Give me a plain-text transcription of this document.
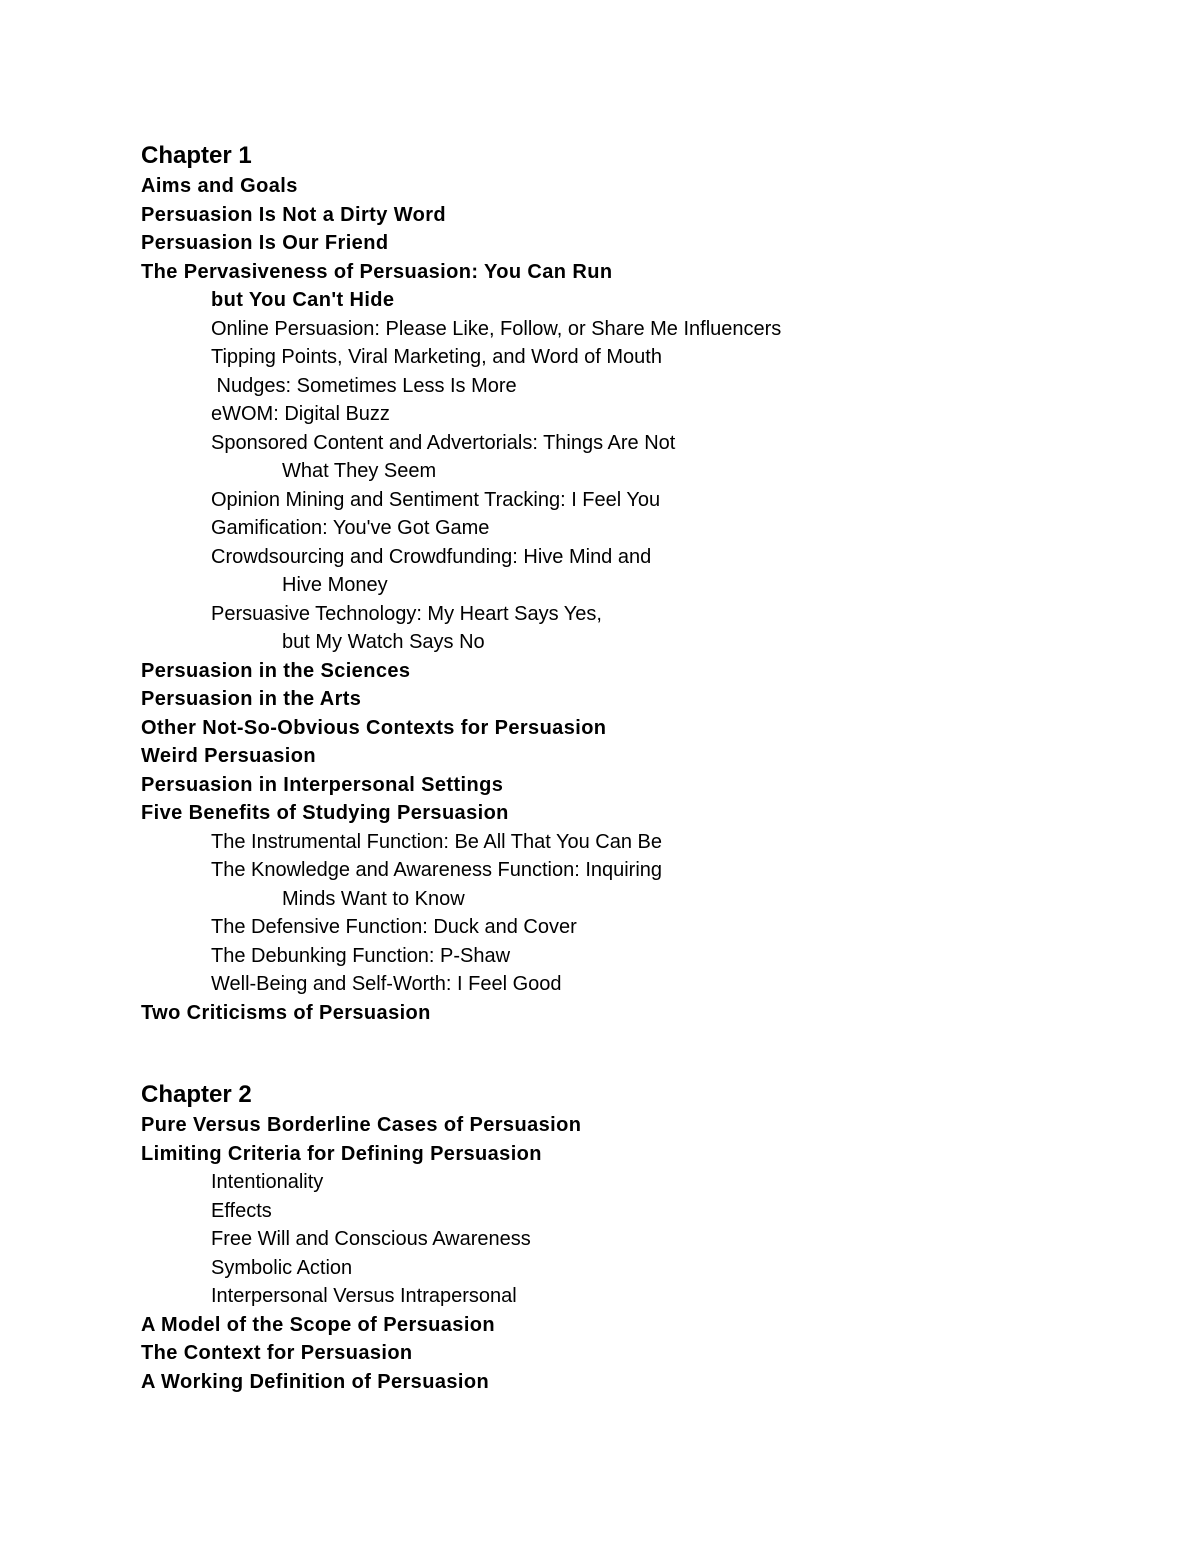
Chapter 1
Aims and Goals
Persuasion Is Not a Dirty Word
Persuasion Is Our Friend
The Pervasiveness of Persuasion: You Can Run
but You Can't Hide
Online Persuasion: Please Like, Follow, or Share Me Influencers
Tipping Points, Viral Marketing, and Word of Mouth
Nudges: Sometimes Less Is More
eWOM: Digital Buzz
Sponsored Content and Advertorials: Things Are Not
What They Seem
Opinion Mining and Sentiment Tracking: I Feel You
Gamification: You've Got Game
Crowdsourcing and Crowdfunding: Hive Mind and
Hive Money
Persuasive Technology: My Heart Says Yes,
but My Watch Says No
Persuasion in the Sciences
Persuasion in the Arts
Other Not-So-Obvious Contexts for Persuasion
Weird Persuasion
Persuasion in Interpersonal Settings
Five Benefits of Studying Persuasion
The Instrumental Function: Be All That You Can Be
The Knowledge and Awareness Function: Inquiring
Minds Want to Know
The Defensive Function: Duck and Cover
The Debunking Function: P-Shaw
Well-Being and Self-Worth: I Feel Good
Two Criticisms of Persuasion
Chapter 2
Pure Versus Borderline Cases of Persuasion
Limiting Criteria for Defining Persuasion
Intentionality
Effects
Free Will and Conscious Awareness
Symbolic Action
Interpersonal Versus Intrapersonal
A Model of the Scope of Persuasion
The Context for Persuasion
A Working Definition of Persuasion
